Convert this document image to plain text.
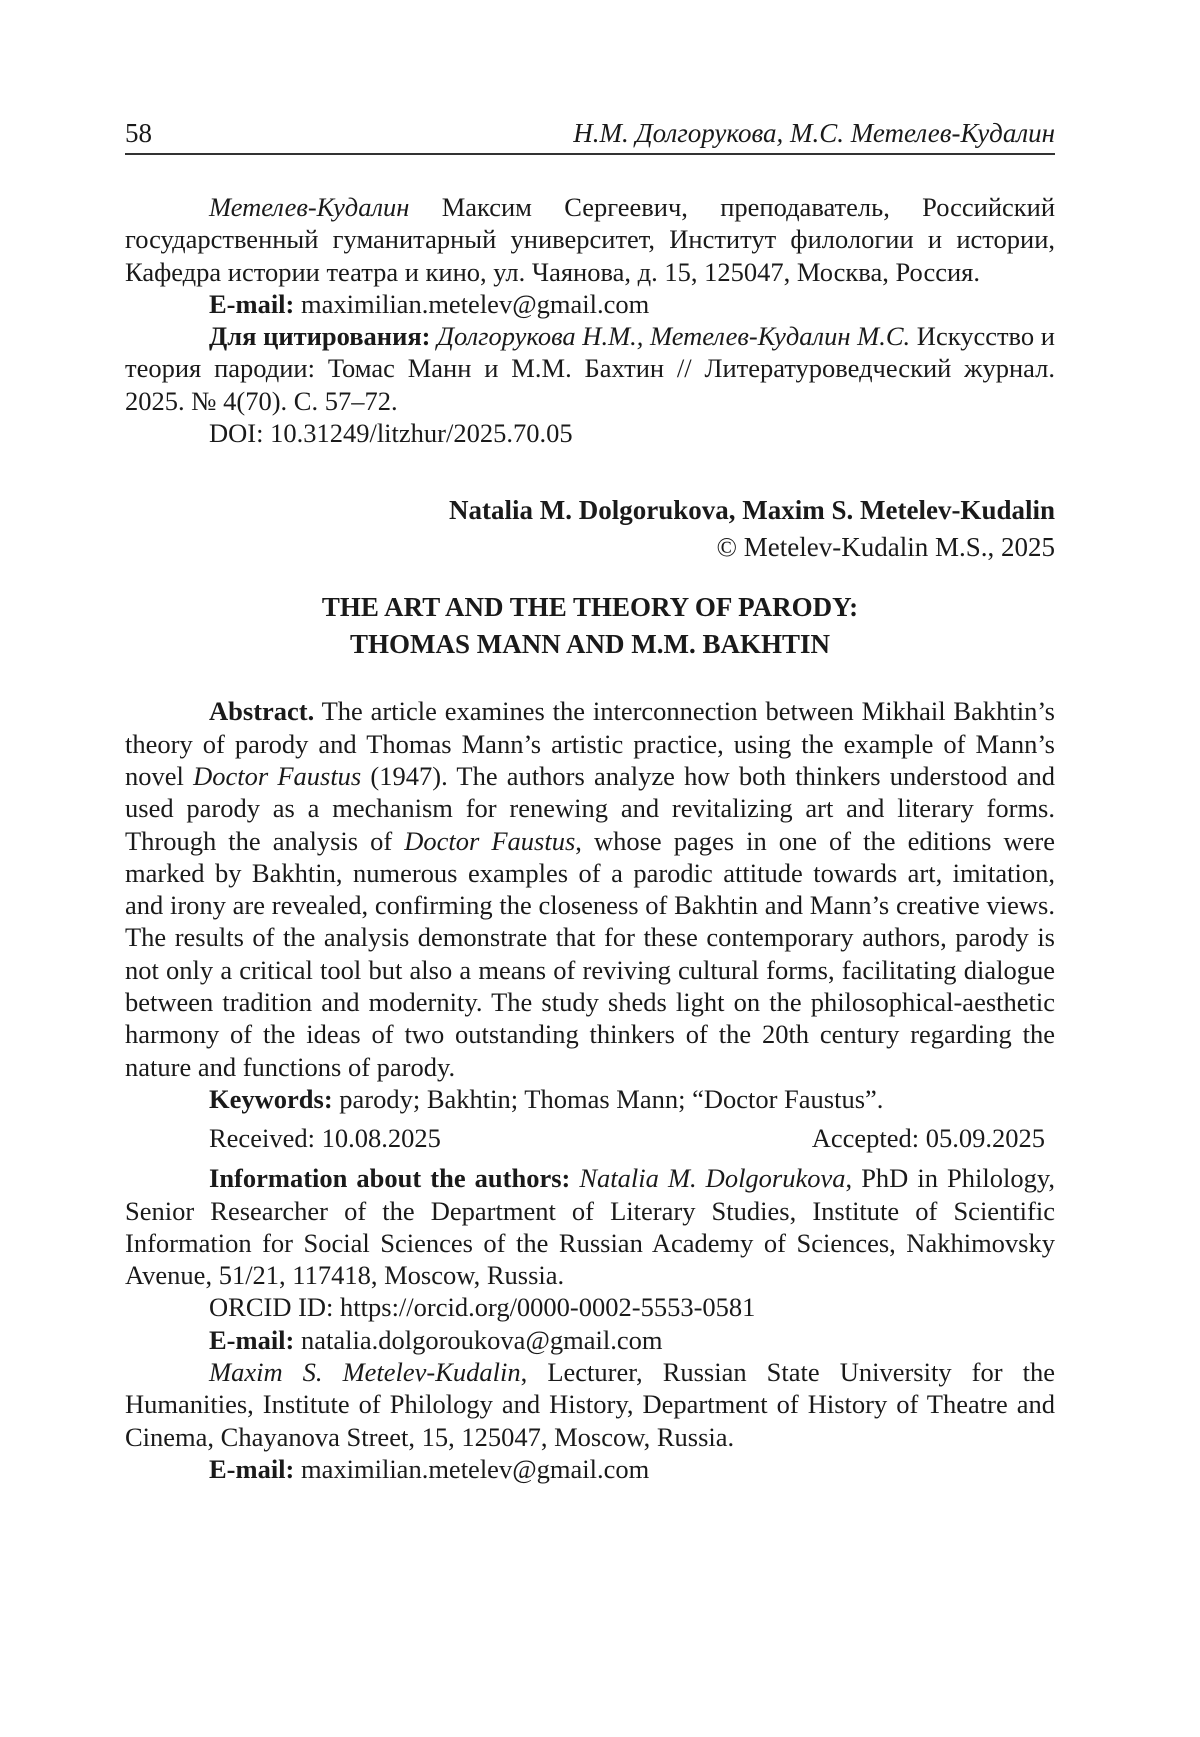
58	Н.М. Долгорукова, М.С. Метелев-Кудалин

Метелев-Кудалин Максим Сергеевич, преподаватель, Российский государственный гуманитарный университет, Институт филологии и истории, Кафедра истории театра и кино, ул. Чаянова, д. 15, 125047, Москва, Россия.

E-mail: maximilian.metelev@gmail.com

Для цитирования: Долгорукова Н.М., Метелев-Кудалин М.С. Искусство и теория пародии: Томас Манн и М.М. Бахтин // Литературоведческий журнал. 2025. № 4(70). С. 57–72.

DOI: 10.31249/litzhur/2025.70.05

Natalia M. Dolgorukova, Maxim S. Metelev-Kudalin
© Metelev-Kudalin M.S., 2025
THE ART AND THE THEORY OF PARODY:
THOMAS MANN AND M.M. BAKHTIN

Abstract. The article examines the interconnection between Mikhail Bakhtin’s theory of parody and Thomas Mann’s artistic practice, using the example of Mann’s novel Doctor Faustus (1947). The authors analyze how both thinkers understood and used parody as a mechanism for renewing and revitalizing art and literary forms. Through the analysis of Doctor Faustus, whose pages in one of the editions were marked by Bakhtin, numerous examples of a parodic attitude towards art, imitation, and irony are revealed, confirming the closeness of Bakhtin and Mann’s creative views. The results of the analysis demonstrate that for these contemporary authors, parody is not only a critical tool but also a means of reviving cultural forms, facilitating dialogue between tradition and modernity. The study sheds light on the philosophical-aesthetic harmony of the ideas of two outstanding thinkers of the 20th century regarding the nature and functions of parody.

Keywords: parody; Bakhtin; Thomas Mann; “Doctor Faustus”.

Received: 10.08.2025	Accepted: 05.09.2025

Information about the authors: Natalia M. Dolgorukova, PhD in Philology, Senior Researcher of the Department of Literary Studies, Institute of Scientific Information for Social Sciences of the Russian Academy of Sciences, Nakhimovsky Avenue, 51/21, 117418, Moscow, Russia.

ORCID ID: https://orcid.org/0000-0002-5553-0581

E-mail: natalia.dolgoroukova@gmail.com

Maxim S. Metelev-Kudalin, Lecturer, Russian State University for the Humanities, Institute of Philology and History, Department of History of Theatre and Cinema, Chayanova Street, 15, 125047, Moscow, Russia.

E-mail: maximilian.metelev@gmail.com
